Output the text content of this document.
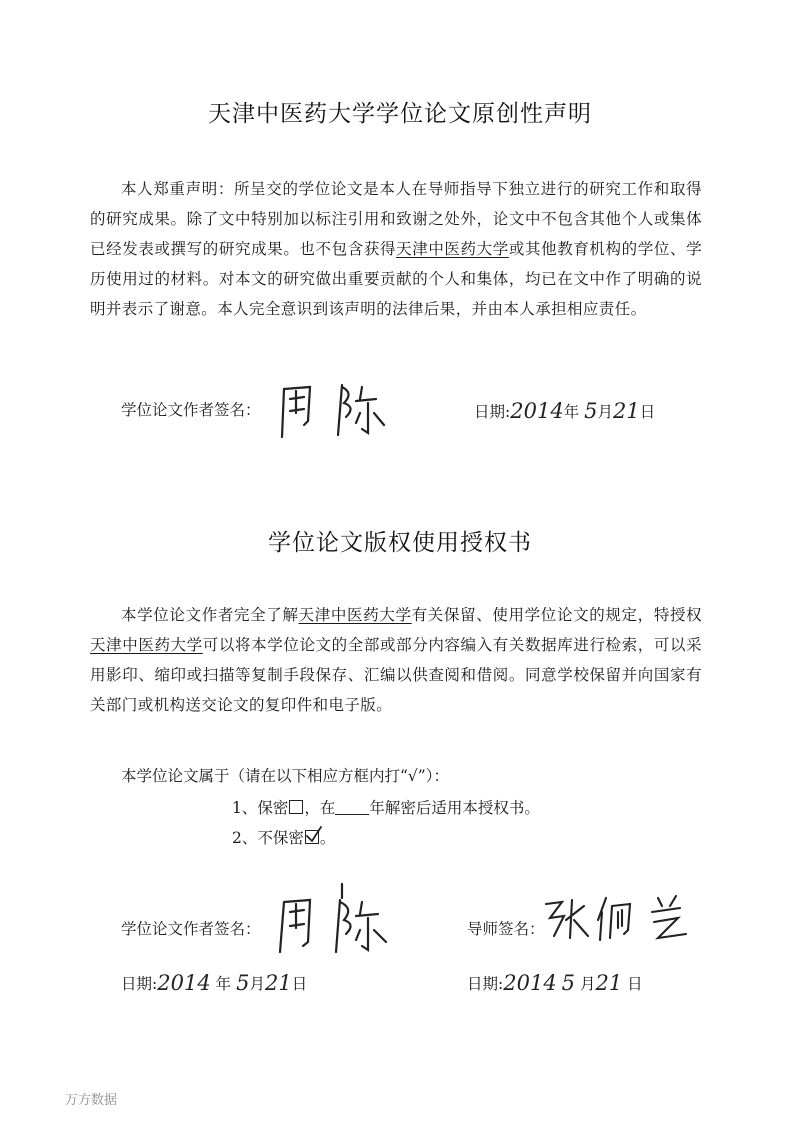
天津中医药大学学位论文原创性声明
本人郑重声明：所呈交的学位论文是本人在导师指导下独立进行的研究工作和取得的研究成果。除了文中特别加以标注引用和致谢之处外，论文中不包含其他个人或集体已经发表或撰写的研究成果。也不包含获得天津中医药大学或其他教育机构的学位、学历使用过的材料。对本文的研究做出重要贡献的个人和集体，均已在文中作了明确的说明并表示了谢意。本人完全意识到该声明的法律后果，并由本人承担相应责任。
学位论文作者签名：	日期:2014年 5月21日
学位论文版权使用授权书
本学位论文作者完全了解天津中医药大学有关保留、使用学位论文的规定，特授权天津中医药大学可以将本学位论文的全部或部分内容编入有关数据库进行检索，可以采用影印、缩印或扫描等复制手段保存、汇编以供查阅和借阅。同意学校保留并向国家有关部门或机构送交论文的复印件和电子版。
本学位论文属于（请在以下相应方框内打“√”）：
1、保密 ，在 年解密后适用本授权书。
2、不保密 。
学位论文作者签名：	导师签名：
日期:2014 年 5月21日	日期:2014 5 月21 日
万方数据
